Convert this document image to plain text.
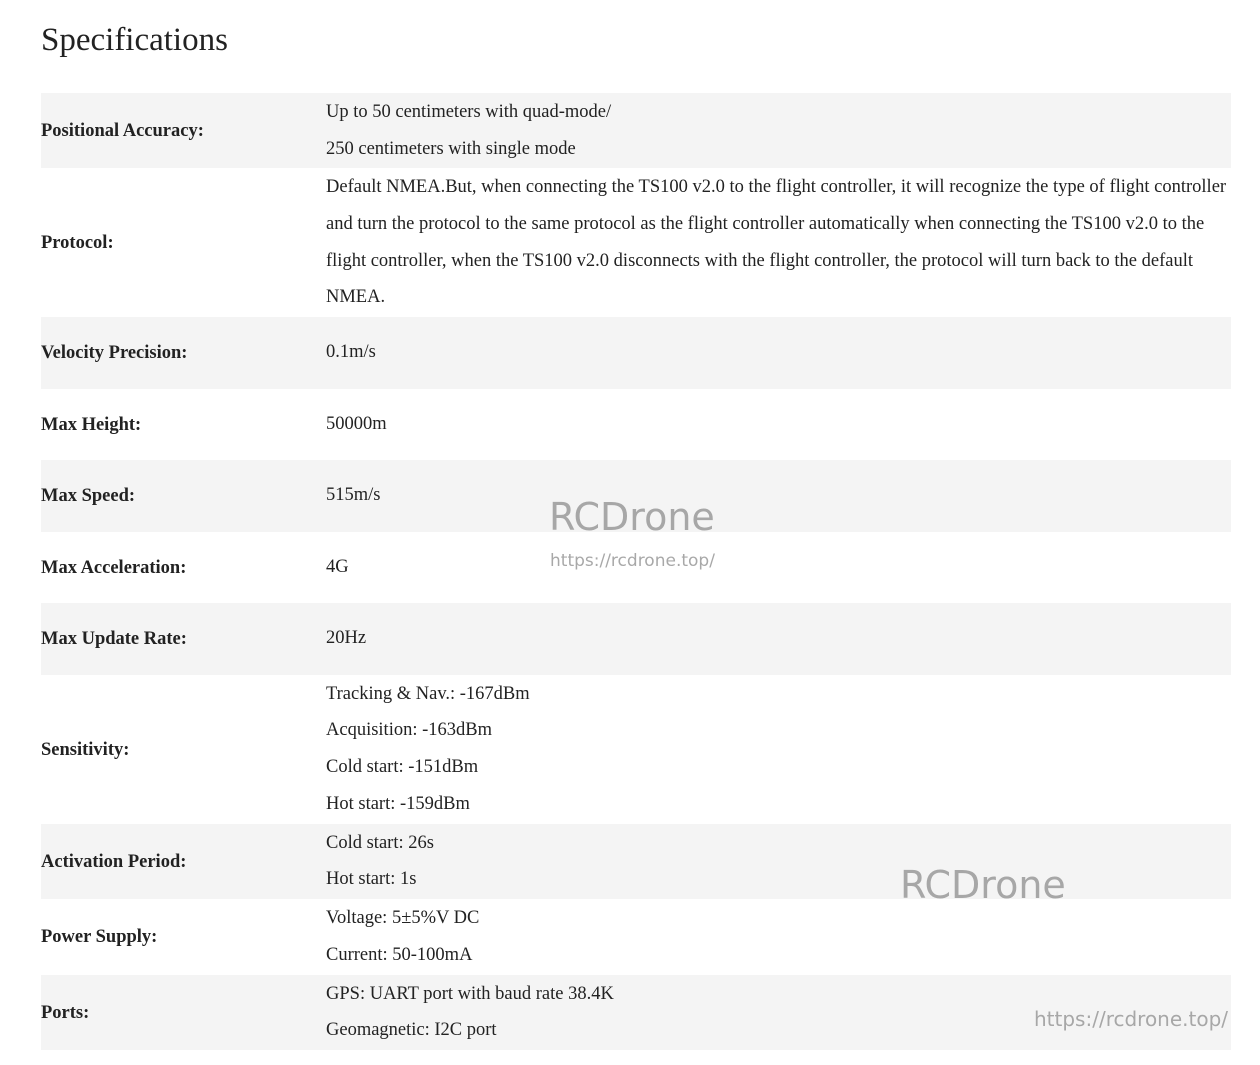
Specifications
Positional Accuracy:	Up to 50 centimeters with quad-mode/
250 centimeters with single mode

Protocol:	Default NMEA.But, when connecting the TS100 v2.0 to the flight controller, it will recognize the type of flight controller and turn the protocol to the same protocol as the flight controller automatically when connecting the TS100 v2.0 to the flight controller, when the TS100 v2.0 disconnects with the flight controller, the protocol will turn back to the default NMEA.
Velocity Precision:	0.1m/s

Max Height:	50000m

Max Speed:	515m/s

Max Acceleration:	4G

Max Update Rate:	20Hz

Sensitivity:	Tracking & Nav.: -167dBm
Acquisition: -163dBm
Cold start: -151dBm
Hot start: -159dBm

Activation Period:	Cold start: 26s
Hot start: 1s

Power Supply:	Voltage: 5±5%V DC
Current: 50-100mA

Ports:	GPS: UART port with baud rate 38.4K
Geomagnetic: I2C port
RCDrone
https://rcdrone.top/
RCDrone
https://rcdrone.top/
